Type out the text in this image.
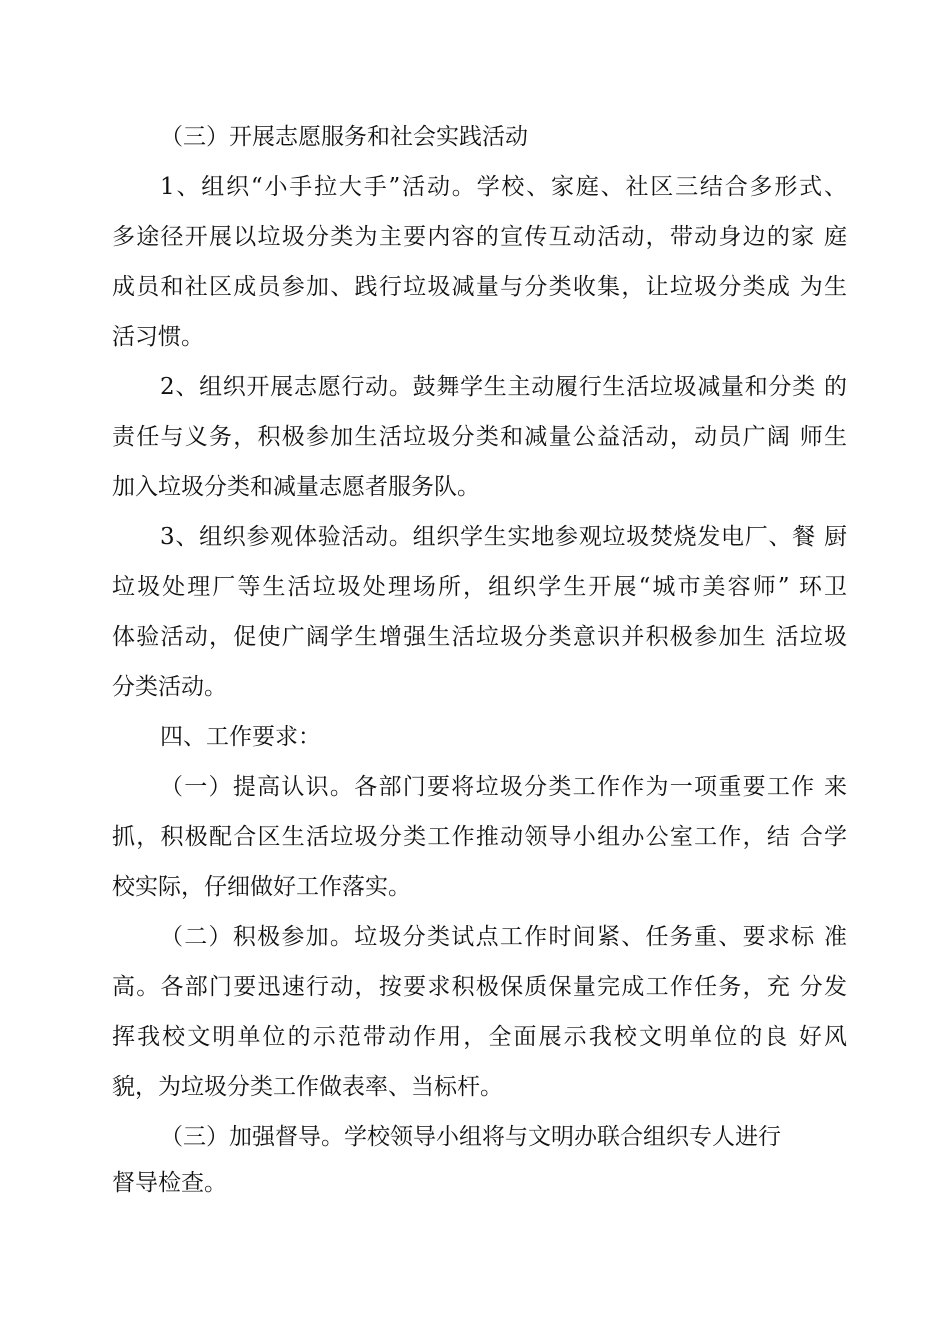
（三）开展志愿服务和社会实践活动
1、组织“小手拉大手”活动。学校、家庭、社区三结合多形式、
多途径开展以垃圾分类为主要内容的宣传互动活动，带动身边的家 庭
成员和社区成员参加、践行垃圾减量与分类收集，让垃圾分类成 为生
活习惯。
2、组织开展志愿行动。鼓舞学生主动履行生活垃圾减量和分类 的
责任与义务，积极参加生活垃圾分类和减量公益活动，动员广阔 师生
加入垃圾分类和减量志愿者服务队。
3、组织参观体验活动。组织学生实地参观垃圾焚烧发电厂、餐 厨
垃圾处理厂等生活垃圾处理场所，组织学生开展“城市美容师” 环卫
体验活动，促使广阔学生增强生活垃圾分类意识并积极参加生 活垃圾
分类活动。
四、工作要求：
（一）提高认识。各部门要将垃圾分类工作作为一项重要工作 来
抓，积极配合区生活垃圾分类工作推动领导小组办公室工作，结 合学
校实际，仔细做好工作落实。
（二）积极参加。垃圾分类试点工作时间紧、任务重、要求标 准
高。各部门要迅速行动，按要求积极保质保量完成工作任务，充 分发
挥我校文明单位的示范带动作用，全面展示我校文明单位的良 好风
貌，为垃圾分类工作做表率、当标杆。
（三）加强督导。学校领导小组将与文明办联合组织专人进行
督导检查。
